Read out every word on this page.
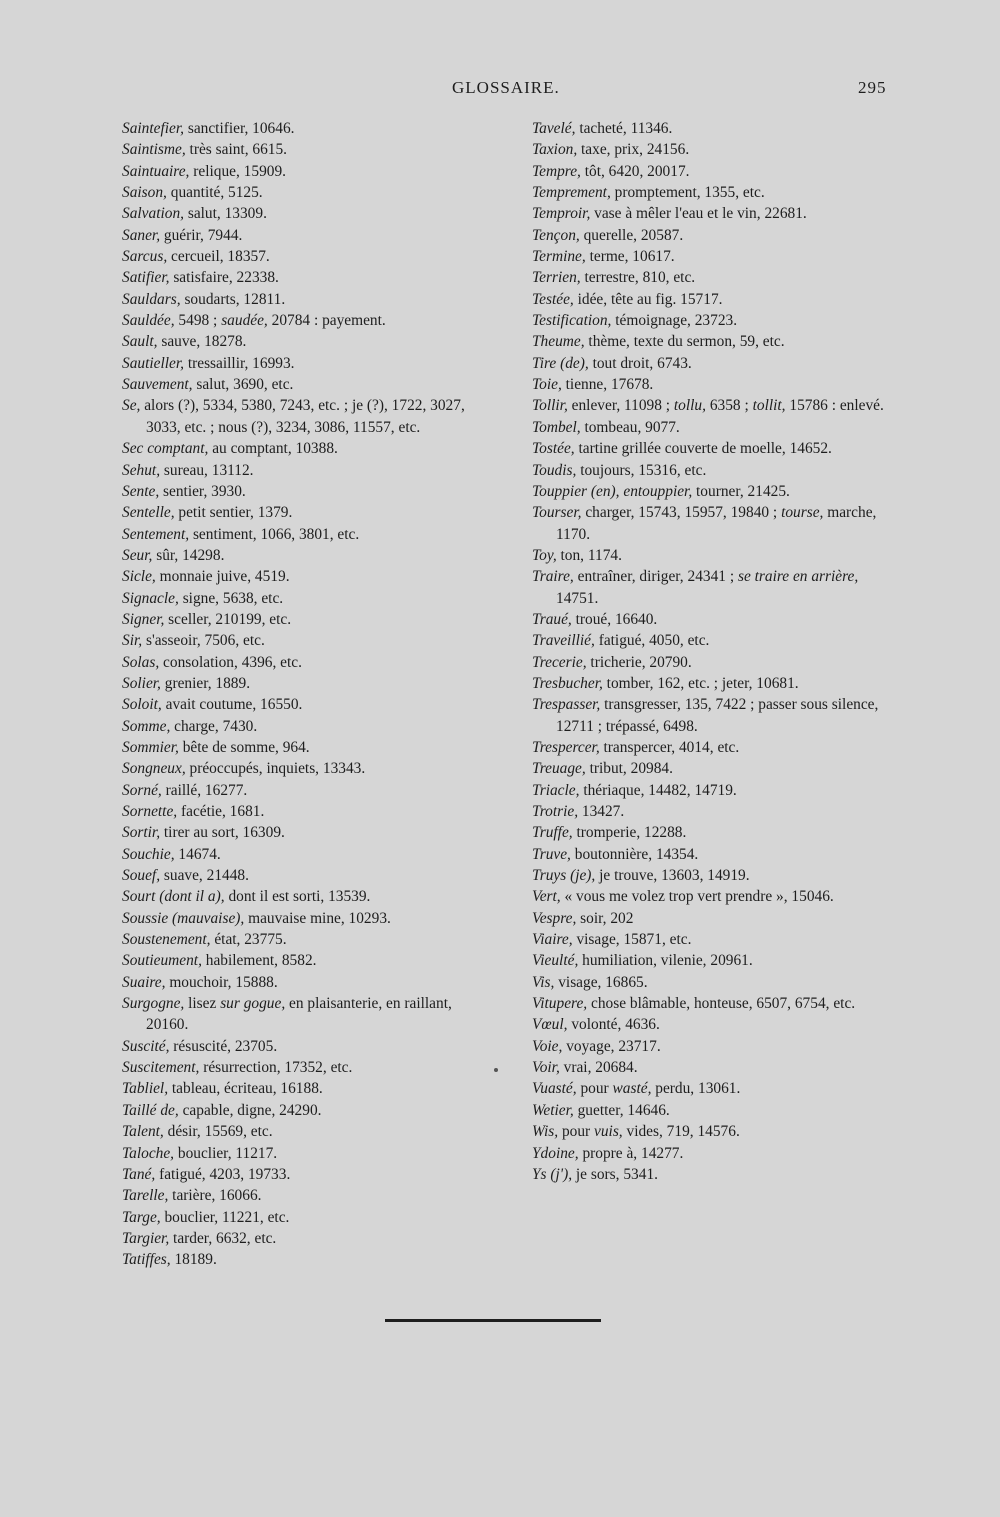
GLOSSAIRE.	295
Saintefier, sanctifier, 10646.
Saintisme, très saint, 6615.
Saintuaire, relique, 15909.
Saison, quantité, 5125.
Salvation, salut, 13309.
Saner, guérir, 7944.
Sarcus, cercueil, 18357.
Satifier, satisfaire, 22338.
Sauldars, soudarts, 12811.
Sauldée, 5498 ; saudée, 20784 : payement.
Sault, sauve, 18278.
Sautieller, tressaillir, 16993.
Sauvement, salut, 3690, etc.
Se, alors (?), 5334, 5380, 7243, etc. ; je (?), 1722, 3027, 3033, etc. ; nous (?), 3234, 3086, 11557, etc.
Sec comptant, au comptant, 10388.
Sehut, sureau, 13112.
Sente, sentier, 3930.
Sentelle, petit sentier, 1379.
Sentement, sentiment, 1066, 3801, etc.
Seur, sûr, 14298.
Sicle, monnaie juive, 4519.
Signacle, signe, 5638, etc.
Signer, sceller, 210199, etc.
Sir, s'asseoir, 7506, etc.
Solas, consolation, 4396, etc.
Solier, grenier, 1889.
Soloit, avait coutume, 16550.
Somme, charge, 7430.
Sommier, bête de somme, 964.
Songneux, préoccupés, inquiets, 13343.
Sorné, raillé, 16277.
Sornette, facétie, 1681.
Sortir, tirer au sort, 16309.
Souchie, 14674.
Souef, suave, 21448.
Sourt (dont il a), dont il est sorti, 13539.
Soussie (mauvaise), mauvaise mine, 10293.
Soustenement, état, 23775.
Soutieument, habilement, 8582.
Suaire, mouchoir, 15888.
Surgogne, lisez sur gogue, en plaisanterie, en raillant, 20160.
Suscité, résuscité, 23705.
Suscitement, résurrection, 17352, etc.
Tabliel, tableau, écriteau, 16188.
Taillé de, capable, digne, 24290.
Talent, désir, 15569, etc.
Taloche, bouclier, 11217.
Tané, fatigué, 4203, 19733.
Tarelle, tarière, 16066.
Targe, bouclier, 11221, etc.
Targier, tarder, 6632, etc.
Tatiffes, 18189.
Tavelé, tacheté, 11346.
Taxion, taxe, prix, 24156.
Tempre, tôt, 6420, 20017.
Temprement, promptement, 1355, etc.
Temproir, vase à mêler l'eau et le vin, 22681.
Tençon, querelle, 20587.
Termine, terme, 10617.
Terrien, terrestre, 810, etc.
Testée, idée, tête au fig. 15717.
Testification, témoignage, 23723.
Theume, thème, texte du sermon, 59, etc.
Tire (de), tout droit, 6743.
Toie, tienne, 17678.
Tollir, enlever, 11098 ; tollu, 6358 ; tollit, 15786 : enlevé.
Tombel, tombeau, 9077.
Tostée, tartine grillée couverte de moelle, 14652.
Toudis, toujours, 15316, etc.
Touppier (en), entouppier, tourner, 21425.
Tourser, charger, 15743, 15957, 19840 ; tourse, marche, 1170.
Toy, ton, 1174.
Traire, entraîner, diriger, 24341 ; se traire en arrière, 14751.
Traué, troué, 16640.
Traveillié, fatigué, 4050, etc.
Trecerie, tricherie, 20790.
Tresbucher, tomber, 162, etc. ; jeter, 10681.
Trespasser, transgresser, 135, 7422 ; passer sous silence, 12711 ; trépassé, 6498.
Trespercer, transpercer, 4014, etc.
Treuage, tribut, 20984.
Triacle, thériaque, 14482, 14719.
Trotrie, 13427.
Truffe, tromperie, 12288.
Truve, boutonnière, 14354.
Truys (je), je trouve, 13603, 14919.
Vert, « vous me volez trop vert prendre », 15046.
Vespre, soir, 202
Viaire, visage, 15871, etc.
Vieulté, humiliation, vilenie, 20961.
Vis, visage, 16865.
Vitupere, chose blâmable, honteuse, 6507, 6754, etc.
Vœul, volonté, 4636.
Voie, voyage, 23717.
Voir, vrai, 20684.
Vuasté, pour wasté, perdu, 13061.
Wetier, guetter, 14646.
Wis, pour vuis, vides, 719, 14576.
Ydoine, propre à, 14277.
Ys (j'), je sors, 5341.
